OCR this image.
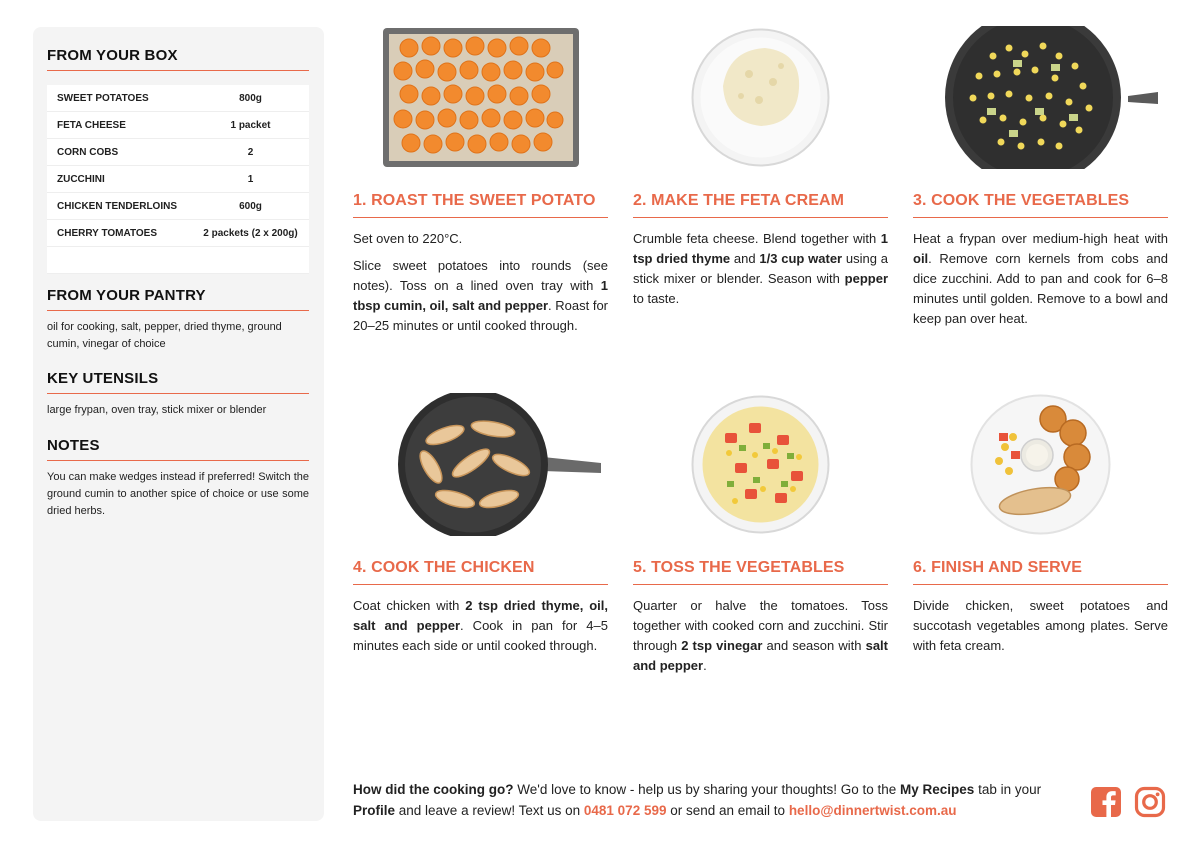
FROM YOUR BOX
SWEET POTATOES	800g
FETA CHEESE	1 packet
CORN COBS	2
ZUCCHINI	1
CHICKEN TENDERLOINS	600g
CHERRY TOMATOES	2 packets (2 x 200g)

FROM YOUR PANTRY
oil for cooking, salt, pepper, dried thyme, ground cumin, vinegar of choice
KEY UTENSILS
large frypan, oven tray, stick mixer or blender
NOTES
You can make wedges instead if preferred! Switch the ground cumin to another spice of choice or use some dried herbs.
1. ROAST THE SWEET POTATO

Set oven to 220°C.

Slice sweet potatoes into rounds (see notes). Toss on a lined oven tray with 1 tbsp cumin, oil, salt and pepper. Roast for 20–25 minutes or until cooked through.

2. MAKE THE FETA CREAM

Crumble feta cheese. Blend together with 1 tsp dried thyme and 1/3 cup water using a stick mixer or blender. Season with pepper to taste.

3. COOK THE VEGETABLES

Heat a frypan over medium-high heat with oil. Remove corn kernels from cobs and dice zucchini. Add to pan and cook for 6–8 minutes until golden. Remove to a bowl and keep pan over heat.

4. COOK THE CHICKEN

Coat chicken with 2 tsp dried thyme, oil, salt and pepper. Cook in pan for 4–5 minutes each side or until cooked through.

5. TOSS THE VEGETABLES

Quarter or halve the tomatoes. Toss together with cooked corn and zucchini. Stir through 2 tsp vinegar and season with salt and pepper.

6. FINISH AND SERVE

Divide chicken, sweet potatoes and succotash vegetables among plates. Serve with feta cream.

How did the cooking go? We'd love to know - help us by sharing your thoughts! Go to the My Recipes tab in your Profile and leave a review! Text us on 0481 072 599 or send an email to hello@dinnertwist.com.au
